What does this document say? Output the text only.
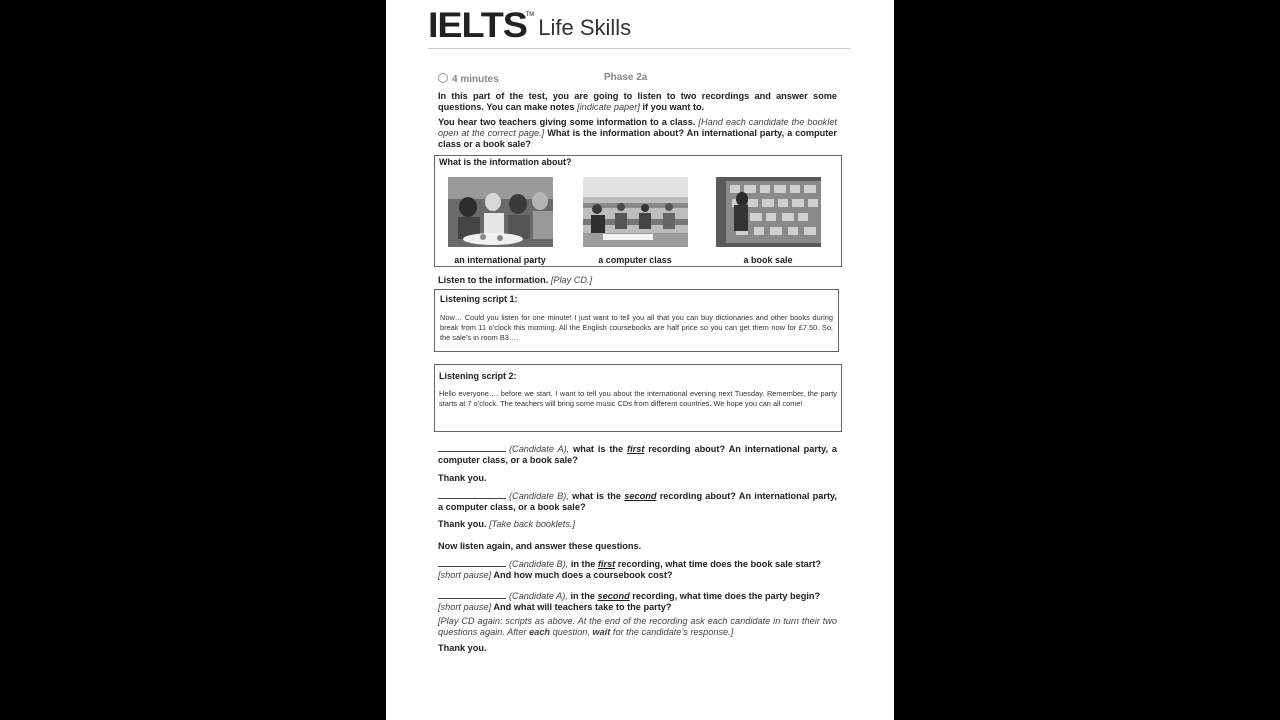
IELTS™ Life Skills
4 minutes	Phase 2a
In this part of the test, you are going to listen to two recordings and answer some questions. You can make notes [indicate paper] if you want to.
You hear two teachers giving some information to a class. [Hand each candidate the booklet open at the correct page.] What is the information about? An international party, a computer class or a book sale?
What is the information about?
an international party	a computer class	a book sale
Listen to the information. [Play CD.]
Listening script 1:
Now… Could you listen for one minute! I just want to tell you all that you can buy dictionaries and other books during break from 11 o’clock this morning. All the English coursebooks are half price so you can get them now for £7.50. So, the sale’s in room B3….
Listening script 2:
Hello everyone…. before we start. I want to tell you about the international evening next Tuesday. Remember, the party starts at 7 o’clock. The teachers will bring some music CDs from different countries. We hope you can all come!
(Candidate A), what is the first recording about? An international party, a computer class, or a book sale?
Thank you.
(Candidate B), what is the second recording about? An international party, a computer class, or a book sale?
Thank you. [Take back booklets.]
Now listen again, and answer these questions.
(Candidate B), in the first recording, what time does the book sale start?
[short pause] And how much does a coursebook cost?
(Candidate A), in the second recording, what time does the party begin?
[short pause] And what will teachers take to the party?
[Play CD again: scripts as above. At the end of the recording ask each candidate in turn their two questions again. After each question, wait for the candidate’s response.]
Thank you.
